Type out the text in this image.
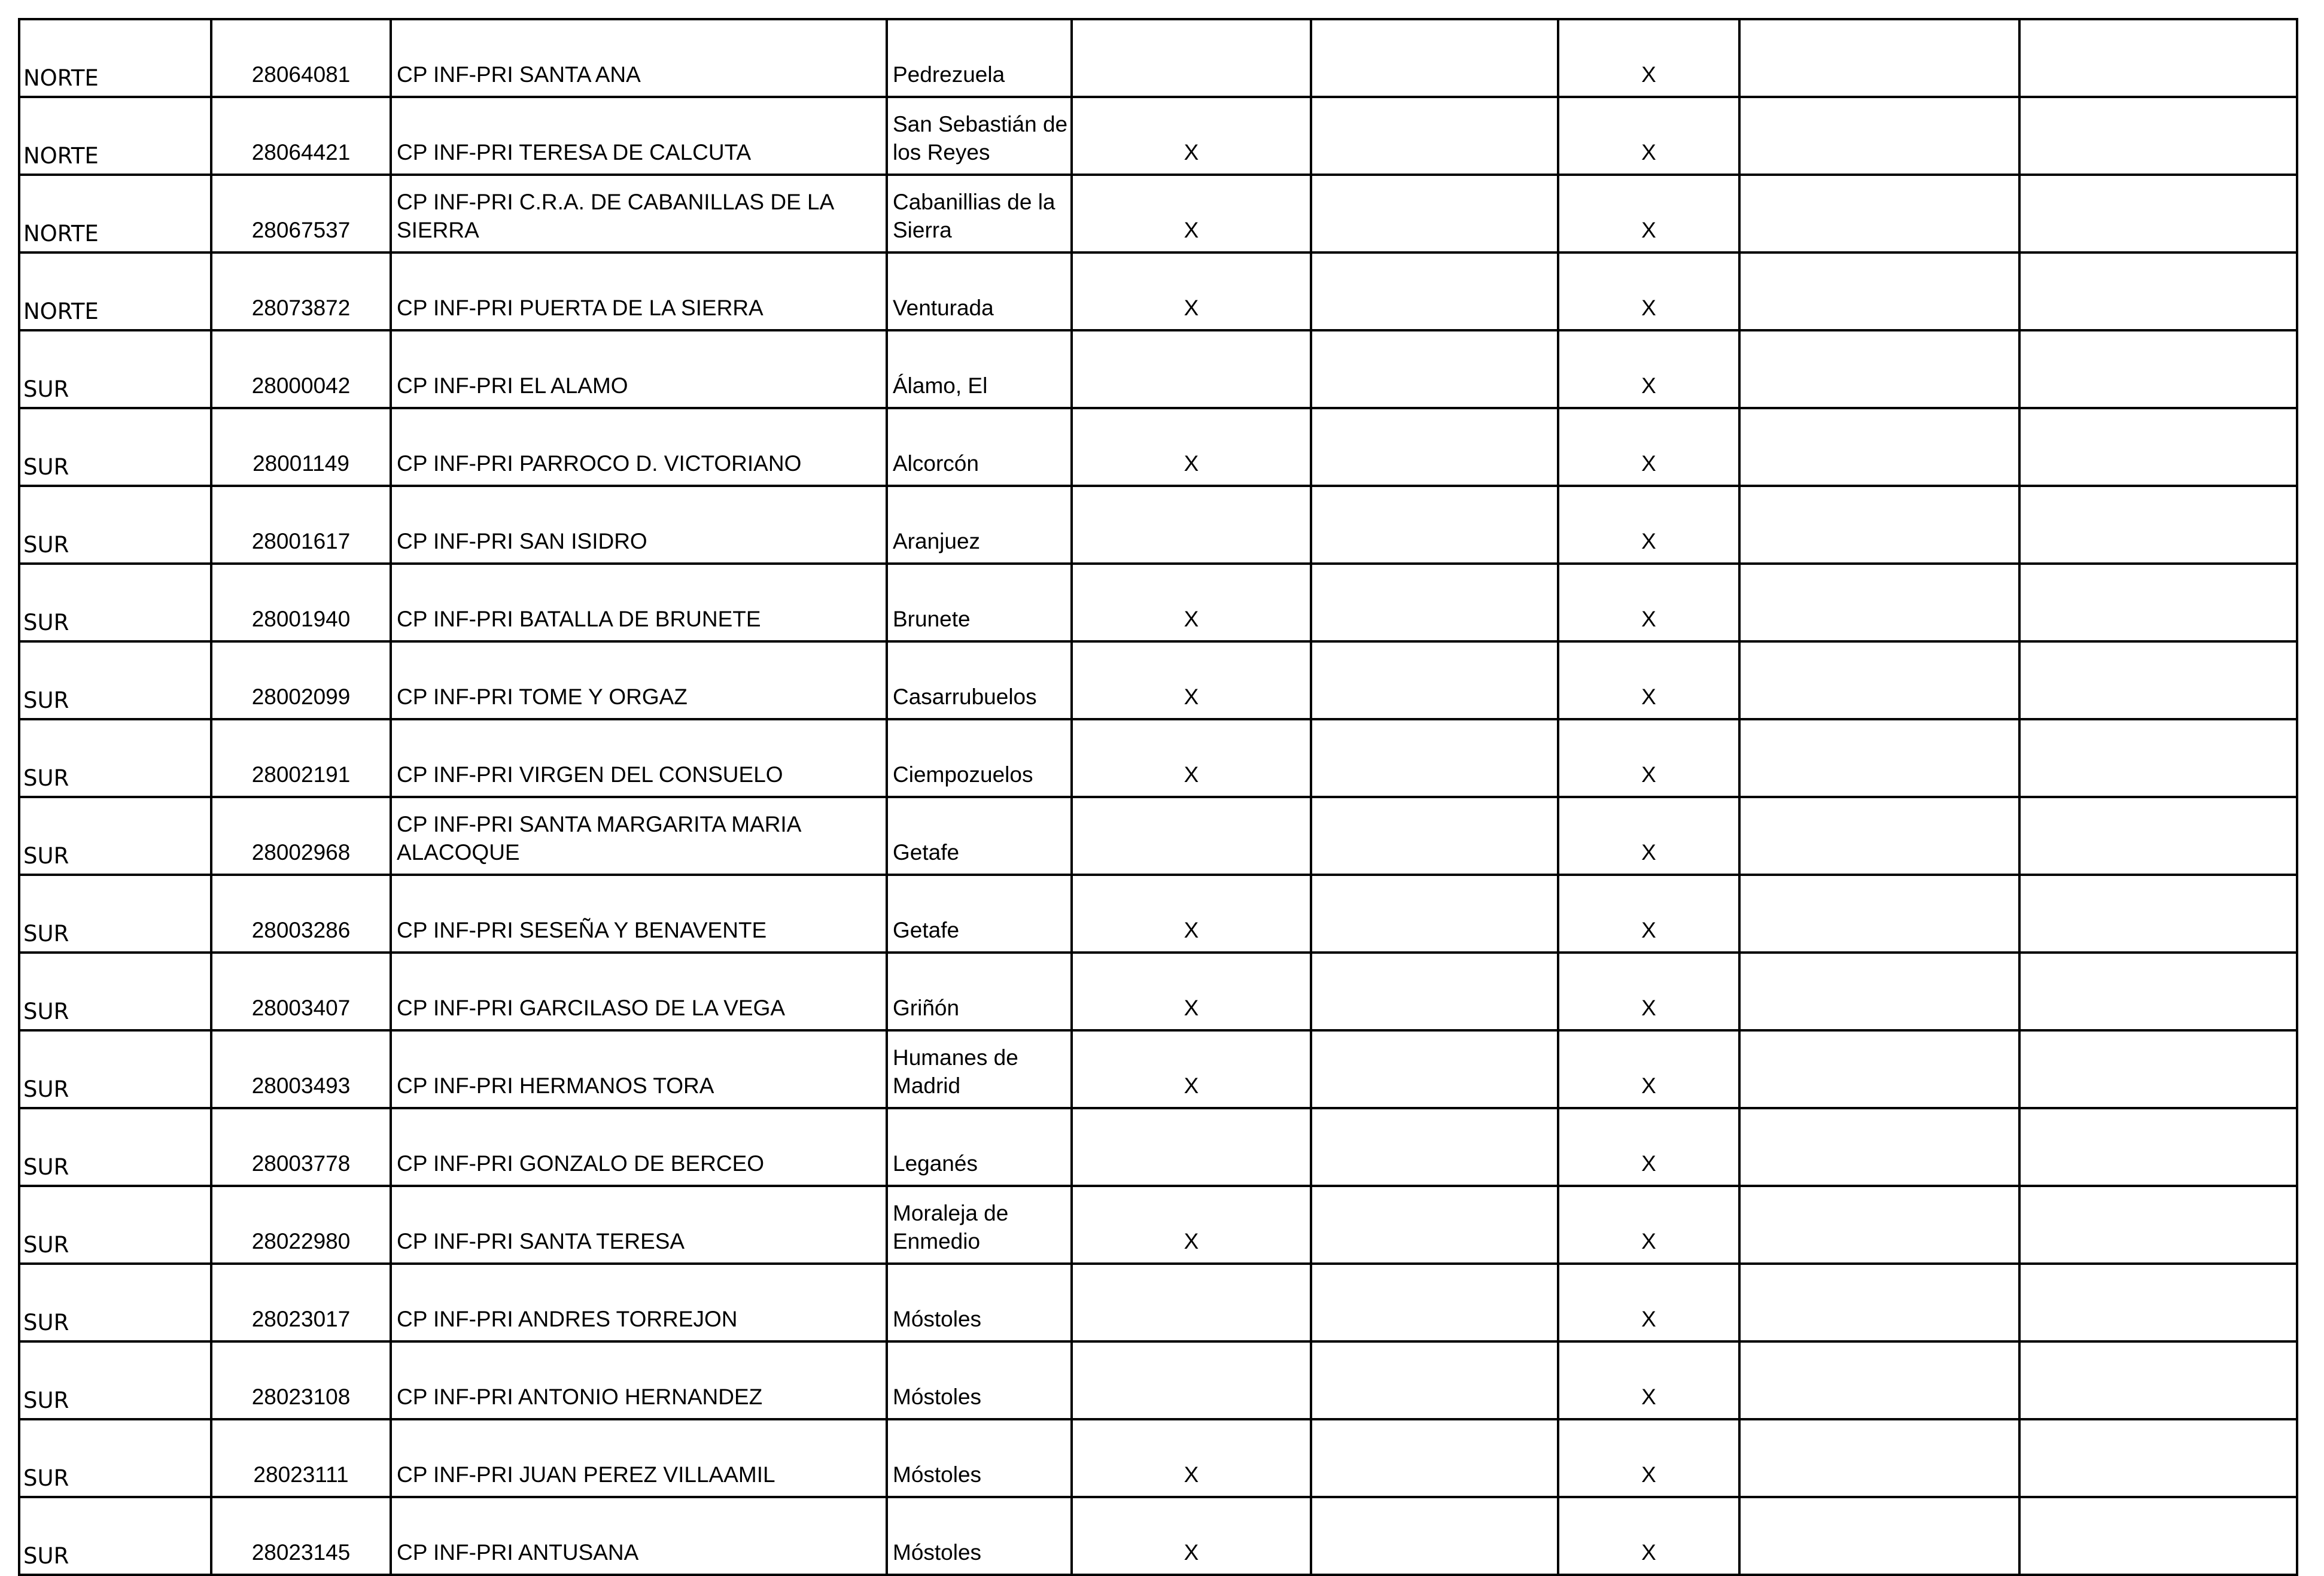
NORTE	28064081	CP INF-PRI SANTA ANA	Pedrezuela			X		
NORTE	28064421	CP INF-PRI TERESA DE CALCUTA	San Sebastián de los Reyes	X		X		
NORTE	28067537	CP INF-PRI C.R.A. DE CABANILLAS DE LA SIERRA	Cabanillias de la Sierra	X		X		
NORTE	28073872	CP INF-PRI PUERTA DE LA SIERRA	Venturada	X		X		
SUR	28000042	CP INF-PRI EL ALAMO	Álamo, El			X		
SUR	28001149	CP INF-PRI PARROCO D. VICTORIANO	Alcorcón	X		X		
SUR	28001617	CP INF-PRI SAN ISIDRO	Aranjuez			X		
SUR	28001940	CP INF-PRI BATALLA DE BRUNETE	Brunete	X		X		
SUR	28002099	CP INF-PRI TOME Y ORGAZ	Casarrubuelos	X		X		
SUR	28002191	CP INF-PRI VIRGEN DEL CONSUELO	Ciempozuelos	X		X		
SUR	28002968	CP INF-PRI SANTA MARGARITA MARIA ALACOQUE	Getafe			X		
SUR	28003286	CP INF-PRI SESEÑA Y BENAVENTE	Getafe	X		X		
SUR	28003407	CP INF-PRI GARCILASO DE LA VEGA	Griñón	X		X		
SUR	28003493	CP INF-PRI HERMANOS TORA	Humanes de Madrid	X		X		
SUR	28003778	CP INF-PRI GONZALO DE BERCEO	Leganés			X		
SUR	28022980	CP INF-PRI SANTA TERESA	Moraleja de Enmedio	X		X		
SUR	28023017	CP INF-PRI ANDRES TORREJON	Móstoles			X		
SUR	28023108	CP INF-PRI ANTONIO HERNANDEZ	Móstoles			X		
SUR	28023111	CP INF-PRI JUAN PEREZ VILLAAMIL	Móstoles	X		X		
SUR	28023145	CP INF-PRI ANTUSANA	Móstoles	X		X		
